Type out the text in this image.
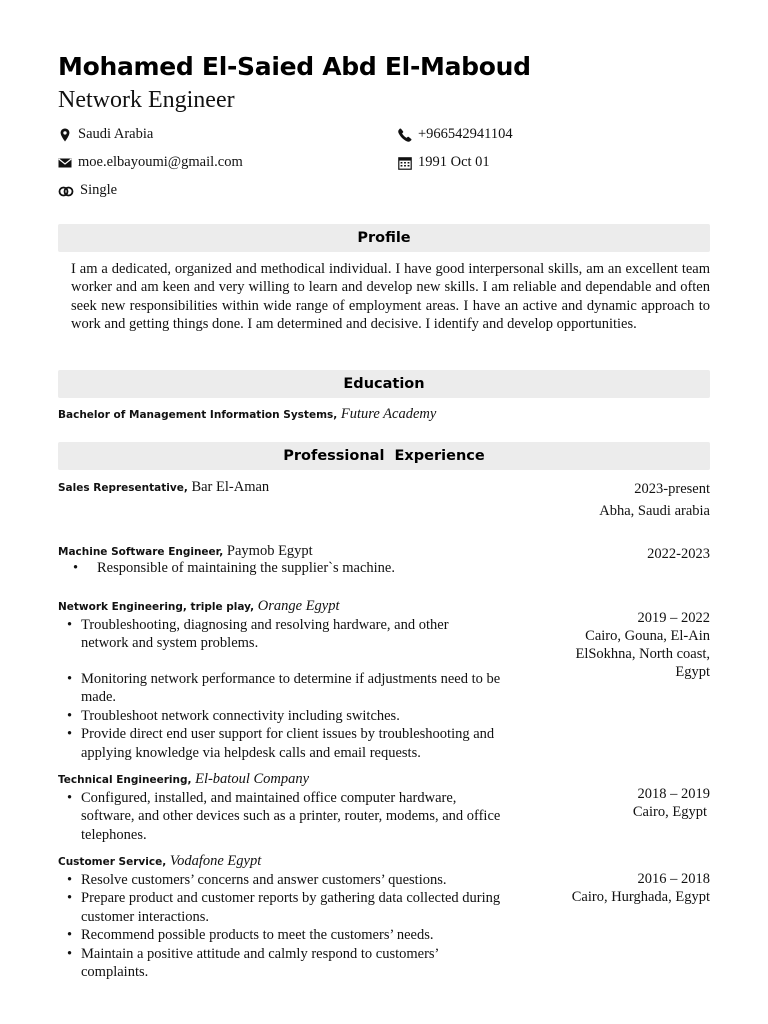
Mohamed El-Saied Abd El-Maboud
Network Engineer
Saudi Arabia	+966542941104
moe.elbayoumi@gmail.com	1991 Oct 01
Single
Profile
I am a dedicated, organized and methodical individual. I have good interpersonal skills, am an excellent team worker and am keen and very willing to learn and develop new skills. I am reliable and dependable and often seek new responsibilities within wide range of employment areas. I have an active and dynamic approach to work and getting things done. I am determined and decisive. I identify and develop opportunities.
Education
Bachelor of Management Information Systems, Future Academy
Professional  Experience
Sales Representative, Bar El-Aman	2023-present
Abha, Saudi arabia
Machine Software Engineer, Paymob Egypt	2022-2023
• Responsible of maintaining the supplier`s machine.
Network Engineering, triple play, Orange Egypt
2019 – 2022
Cairo, Gouna, El-Ain
ElSokhna, North coast,
Egypt
• Troubleshooting, diagnosing and resolving hardware, and other network and system problems.
• Monitoring network performance to determine if adjustments need to be made.
• Troubleshoot network connectivity including switches.
• Provide direct end user support for client issues by troubleshooting and applying knowledge via helpdesk calls and email requests.
Technical Engineering, El-batoul Company
2018 – 2019
Cairo, Egypt
• Configured, installed, and maintained office computer hardware, software, and other devices such as a printer, router, modems, and office telephones.
Customer Service, Vodafone Egypt
2016 – 2018
Cairo, Hurghada, Egypt
• Resolve customers’ concerns and answer customers’ questions.
• Prepare product and customer reports by gathering data collected during customer interactions.
• Recommend possible products to meet the customers’ needs.
• Maintain a positive attitude and calmly respond to customers’ complaints.
